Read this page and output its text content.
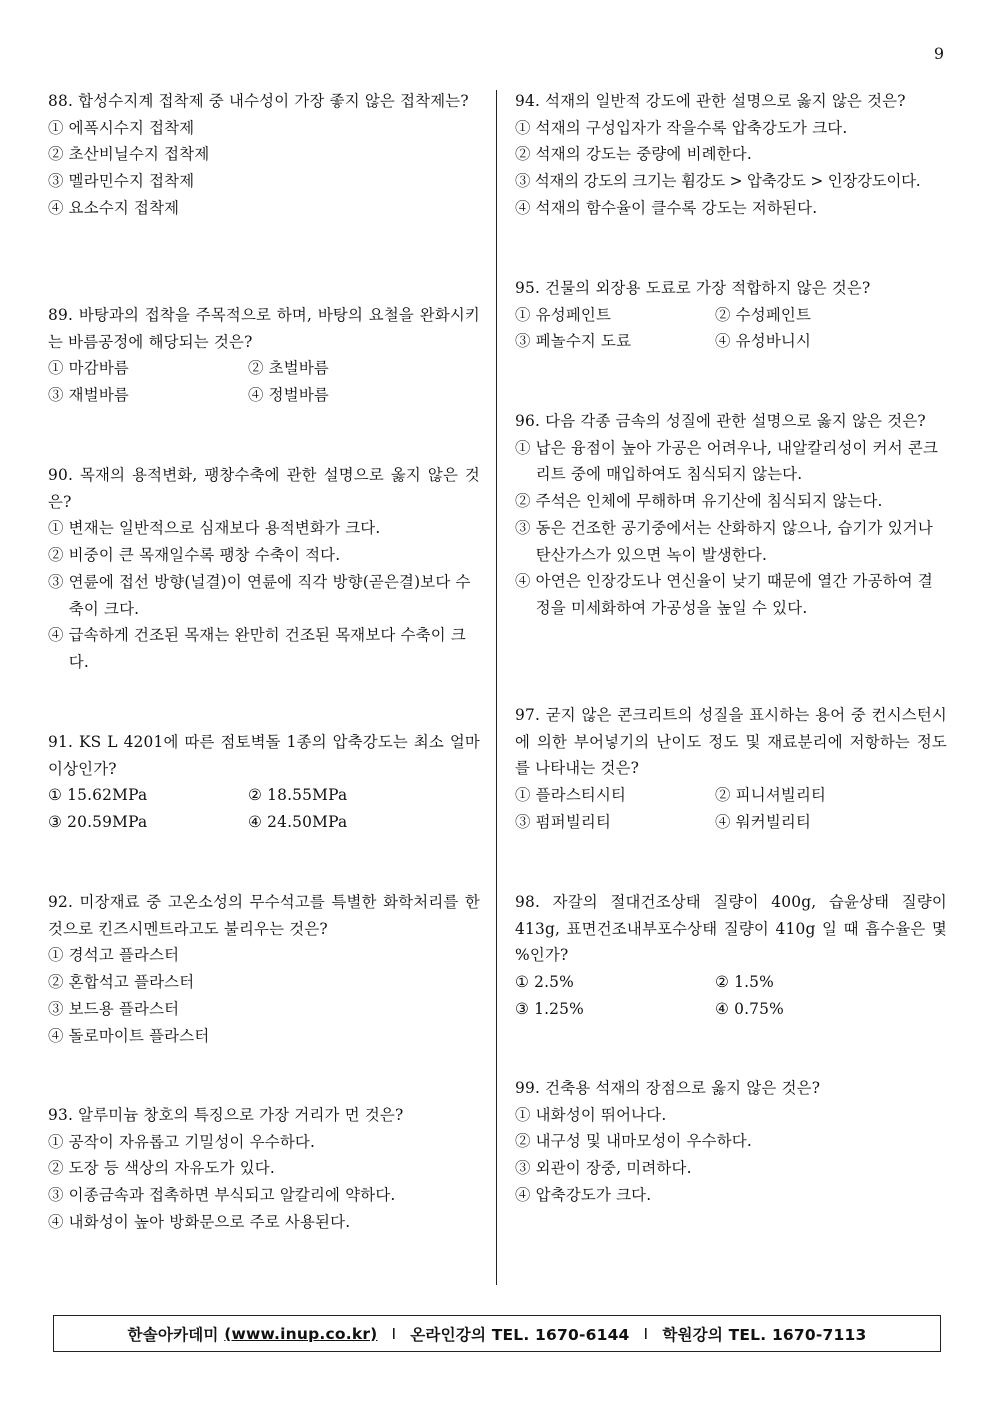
9
88. 합성수지계 접착제 중 내수성이 가장 좋지 않은 접착제는?
① 에폭시수지 접착제
② 초산비닐수지 접착제
③ 멜라민수지 접착제
④ 요소수지 접착제
89. 바탕과의 접착을 주목적으로 하며, 바탕의 요철을 완화시키는 바름공정에 해당되는 것은?
① 마감바름	② 초벌바름
③ 재벌바름	④ 정벌바름
90. 목재의 용적변화, 팽창수축에 관한 설명으로 옳지 않은 것은?
① 변재는 일반적으로 심재보다 용적변화가 크다.
② 비중이 큰 목재일수록 팽창 수축이 적다.
③ 연륜에 접선 방향(널결)이 연륜에 직각 방향(곧은결)보다 수축이 크다.
④ 급속하게 건조된 목재는 완만히 건조된 목재보다 수축이 크다.
91. KS L 4201에 따른 점토벽돌 1종의 압축강도는 최소 얼마 이상인가?
① 15.62MPa	② 18.55MPa
③ 20.59MPa	④ 24.50MPa
92. 미장재료 중 고온소성의 무수석고를 특별한 화학처리를 한 것으로 킨즈시멘트라고도 불리우는 것은?
① 경석고 플라스터
② 혼합석고 플라스터
③ 보드용 플라스터
④ 돌로마이트 플라스터
93. 알루미늄 창호의 특징으로 가장 거리가 먼 것은?
① 공작이 자유롭고 기밀성이 우수하다.
② 도장 등 색상의 자유도가 있다.
③ 이종금속과 접촉하면 부식되고 알칼리에 약하다.
④ 내화성이 높아 방화문으로 주로 사용된다.
94. 석재의 일반적 강도에 관한 설명으로 옳지 않은 것은?
① 석재의 구성입자가 작을수록 압축강도가 크다.
② 석재의 강도는 중량에 비례한다.
③ 석재의 강도의 크기는 휨강도 > 압축강도 > 인장강도이다.
④ 석재의 함수율이 클수록 강도는 저하된다.
95. 건물의 외장용 도료로 가장 적합하지 않은 것은?
① 유성페인트	② 수성페인트
③ 페놀수지 도료	④ 유성바니시
96. 다음 각종 금속의 성질에 관한 설명으로 옳지 않은 것은?
① 납은 융점이 높아 가공은 어려우나, 내알칼리성이 커서 콘크리트 중에 매입하여도 침식되지 않는다.
② 주석은 인체에 무해하며 유기산에 침식되지 않는다.
③ 동은 건조한 공기중에서는 산화하지 않으나, 습기가 있거나 탄산가스가 있으면 녹이 발생한다.
④ 아연은 인장강도나 연신율이 낮기 때문에 열간 가공하여 결정을 미세화하여 가공성을 높일 수 있다.
97. 굳지 않은 콘크리트의 성질을 표시하는 용어 중 컨시스턴시에 의한 부어넣기의 난이도 정도 및 재료분리에 저항하는 정도를 나타내는 것은?
① 플라스티시티	② 피니셔빌리티
③ 펌퍼빌리티	④ 워커빌리티
98. 자갈의 절대건조상태 질량이 400g, 습윤상태 질량이 413g, 표면건조내부포수상태 질량이 410g 일 때 흡수율은 몇 %인가?
① 2.5%	② 1.5%
③ 1.25%	④ 0.75%
99. 건축용 석재의 장점으로 옳지 않은 것은?
① 내화성이 뛰어나다.
② 내구성 및 내마모성이 우수하다.
③ 외관이 장중, 미려하다.
④ 압축강도가 크다.
한솔아카데미
(www.inup.co.kr) I 온라인강의 TEL. 1670-6144 I 학원강의 TEL. 1670-7113
